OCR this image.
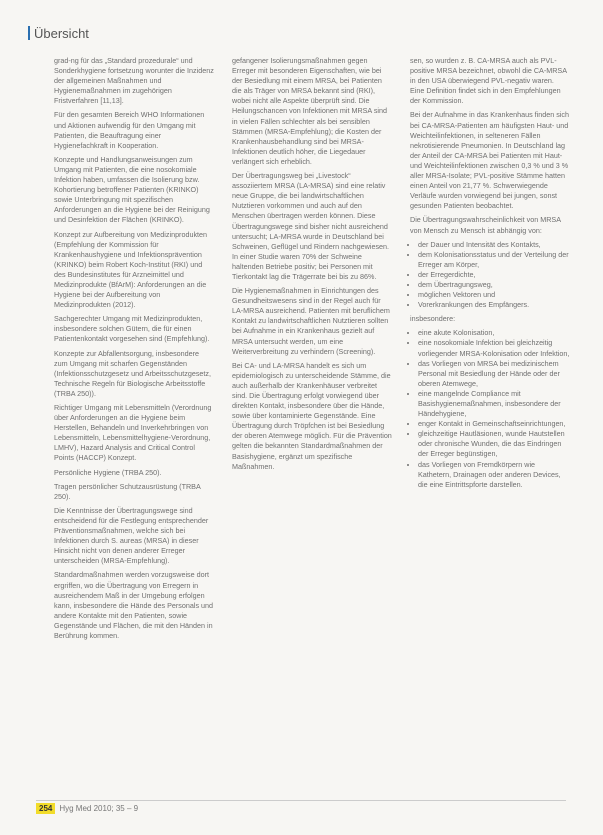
Übersicht

grad-ng für das „Standard prozedurale“ und Sonderkhygiene fortsetzung worunter die Inzidenz der allgemeinen Maßnahmen und Hygienemaßnahmen im zugehörigen Fristverfahren [11,13].

Für den gesamten Bereich WHO Informationen und Aktionen aufwendig für den Umgang mit Patienten, die Beauftragung einer Hygienefachkraft in Kooperation.

Konzepte und Handlungsanweisungen zum Umgang mit Patienten, die eine nosokomiale Infektion haben, umfassen die Isolierung bzw. Kohortierung betroffener Patienten (KRINKO) sowie Unterbringung mit spezifischen Anforderungen an die Hygiene bei der Reinigung und Desinfektion der Flächen (KRINKO).

Konzept zur Aufbereitung von Medizinprodukten (Empfehlung der Kommission für Krankenhaushygiene und Infektionsprävention (KRINKO) beim Robert Koch-Institut (RKI) und des Bundesinstitutes für Arzneimittel und Medizinprodukte (BfArM): Anforderungen an die Hygiene bei der Aufbereitung von Medizinprodukten (2012).

Sachgerechter Umgang mit Medizinprodukten, insbesondere solchen Gütern, die für einen Patientenkontakt vorgesehen sind (Empfehlung).

Konzepte zur Abfallentsorgung, insbesondere zum Umgang mit scharfen Gegenständen (Infektionsschutzgesetz und Arbeitsschutzgesetz, Technische Regeln für Biologische Arbeitsstoffe (TRBA 250)).

Richtiger Umgang mit Lebensmitteln (Verordnung über Anforderungen an die Hygiene beim Herstellen, Behandeln und Inverkehrbringen von Lebensmitteln, Lebensmittelhygiene-Verordnung, LMHV), Hazard Analysis and Critical Control Points (HACCP) Konzept.

Persönliche Hygiene (TRBA 250).

Tragen persönlicher Schutzausrüstung (TRBA 250).

Die Kenntnisse der Übertragungswege sind entscheidend für die Festlegung entsprechender Präventionsmaßnahmen, welche sich bei Infektionen durch S. aureas (MRSA) in dieser Hinsicht nicht von denen anderer Erreger unterscheiden (MRSA-Empfehlung).

Standardmaßnahmen werden vorzugsweise dort ergriffen, wo die Übertragung von Erregern in ausreichendem Maß in der Umgebung erfolgen kann, insbesondere die Hände des Personals und andere Kontakte mit den Patienten, sowie Gegenstände und Flächen, die mit den Händen in Berührung kommen.

gefangener Isolierungsmaßnahmen gegen Erreger mit besonderen Eigenschaften, wie bei der Besiedlung mit einem MRSA, bei Patienten die als Träger von MRSA bekannt sind (RKI), wobei nicht alle Aspekte überprüft sind. Die Heilungschancen von Infektionen mit MRSA sind in vielen Fällen schlechter als bei sensiblen Stämmen (MRSA-Empfehlung); die Kosten der Krankenhausbehandlung sind bei MRSA-Infektionen deutlich höher, die Liegedauer verlängert sich erheblich.

Der Übertragungsweg bei „Livestock“ assoziiertem MRSA (LA-MRSA) sind eine relativ neue Gruppe, die bei landwirtschaftlichen Nutztieren vorkommen und auch auf den Menschen übertragen werden können. Diese Übertragungswege sind bisher nicht ausreichend untersucht; LA-MRSA wurde in Deutschland bei Schweinen, Geflügel und Rindern nachgewiesen. In einer Studie waren 70% der Schweine haltenden Betriebe positiv; bei Personen mit Tierkontakt lag die Trägerrate bei bis zu 86%.

Die Hygienemaßnahmen in Einrichtungen des Gesundheitswesens sind in der Regel auch für LA-MRSA ausreichend. Patienten mit beruflichem Kontakt zu landwirtschaftlichen Nutztieren sollten bei Aufnahme in ein Krankenhaus gezielt auf MRSA untersucht werden, um eine Weiterverbreitung zu verhindern (Screening).

Bei CA- und LA-MRSA handelt es sich um epidemiologisch zu unterscheidende Stämme, die auch außerhalb der Krankenhäuser verbreitet sind. Die Übertragung erfolgt vorwiegend über direkten Kontakt, insbesondere über die Hände, sowie über kontaminierte Gegenstände. Eine Übertragung durch Tröpfchen ist bei Besiedlung der oberen Atemwege möglich. Für die Prävention gelten die bekannten Standardmaßnahmen der Basishygiene, ergänzt um spezifische Maßnahmen.

sen, so wurden z. B. CA-MRSA auch als PVL-positive MRSA bezeichnet, obwohl die CA-MRSA in den USA überwiegend PVL-negativ waren. Eine Definition findet sich in den Empfehlungen der Kommission.

Bei der Aufnahme in das Krankenhaus finden sich bei CA-MRSA-Patienten am häufigsten Haut- und Weichteilinfektionen, in selteneren Fällen nekrotisierende Pneumonien. In Deutschland lag der Anteil der CA-MRSA bei Patienten mit Haut- und Weichteilinfektionen zwischen 0,3 % und 3 % aller MRSA-Isolate; PVL-positive Stämme hatten einen Anteil von 21,77 %. Schwerwiegende Verläufe wurden vorwiegend bei jungen, sonst gesunden Patienten beobachtet.

Die Übertragungswahrscheinlichkeit von MRSA von Mensch zu Mensch ist abhängig von:

• der Dauer und Intensität des Kontakts,
• dem Kolonisationsstatus und der Verteilung der Erreger am Körper,
• der Erregerdichte,
• dem Übertragungsweg,
• möglichen Vektoren und
• Vorerkrankungen des Empfängers.

insbesondere:

• eine akute Kolonisation,
• eine nosokomiale Infektion bei gleichzeitig vorliegender MRSA-Kolonisation oder Infektion,
• das Vorliegen von MRSA bei medizinischem Personal mit Besiedlung der Hände oder der oberen Atemwege,
• eine mangelnde Compliance mit Basishygienemaßnahmen, insbesondere der Händehygiene,
• enger Kontakt in Gemeinschaftseinrichtungen,
• gleichzeitige Hautläsionen, wunde Hautstellen oder chronische Wunden, die das Eindringen der Erreger begünstigen,
• das Vorliegen von Fremdkörpern wie Kathetern, Drainagen oder anderen Devices, die eine Eintrittspforte darstellen.
254 Hyg Med 2010; 35 – 9
